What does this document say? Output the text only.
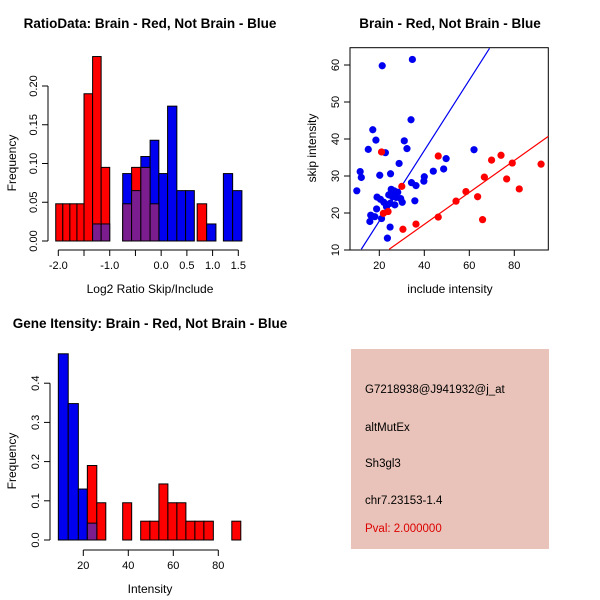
RatioData: Brain - Red, Not Brain - Blue
Log2 Ratio Skip/Include
Frequency
-2.0	-1.0	0.0 0.5 1.0 1.5
0.00
0.05
0.10
0.15
0.20
Brain - Red, Not Brain - Blue
include intensity
skip intensity
20	40	60	80
10
20
30
40
50
60
Gene Itensity: Brain - Red, Not Brain - Blue
Intensity
Frequency
20	40	60	80
0.0
0.1
0.2
0.3
0.4	G7218938@J941932@j_at
altMutEx
Sh3gl3
chr7.23153-1.4
Pval: 2.000000
